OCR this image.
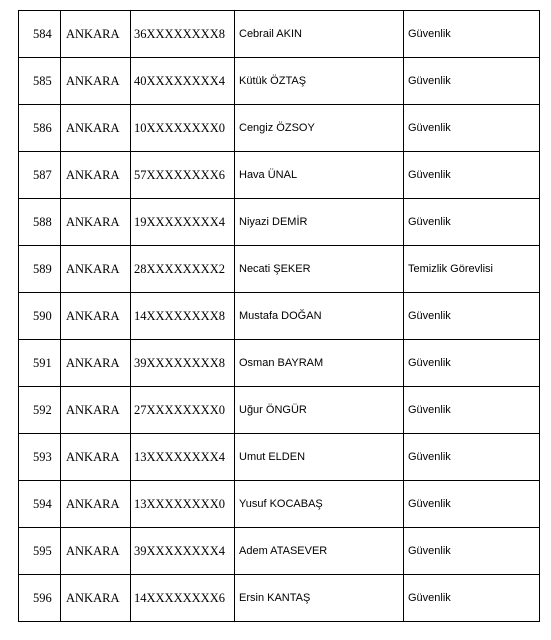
584	ANKARA	36XXXXXXXX8	Cebrail AKIN	Güvenlik
585	ANKARA	40XXXXXXXX4	Kütük ÖZTAŞ	Güvenlik
586	ANKARA	10XXXXXXXX0	Cengiz ÖZSOY	Güvenlik
587	ANKARA	57XXXXXXXX6	Hava ÜNAL	Güvenlik
588	ANKARA	19XXXXXXXX4	Niyazi DEMİR	Güvenlik
589	ANKARA	28XXXXXXXX2	Necati ŞEKER	Temizlik Görevlisi
590	ANKARA	14XXXXXXXX8	Mustafa DOĞAN	Güvenlik
591	ANKARA	39XXXXXXXX8	Osman BAYRAM	Güvenlik
592	ANKARA	27XXXXXXXX0	Uğur ÖNGÜR	Güvenlik
593	ANKARA	13XXXXXXXX4	Umut ELDEN	Güvenlik
594	ANKARA	13XXXXXXXX0	Yusuf KOCABAŞ	Güvenlik
595	ANKARA	39XXXXXXXX4	Adem ATASEVER	Güvenlik
596	ANKARA	14XXXXXXXX6	Ersin KANTAŞ	Güvenlik
